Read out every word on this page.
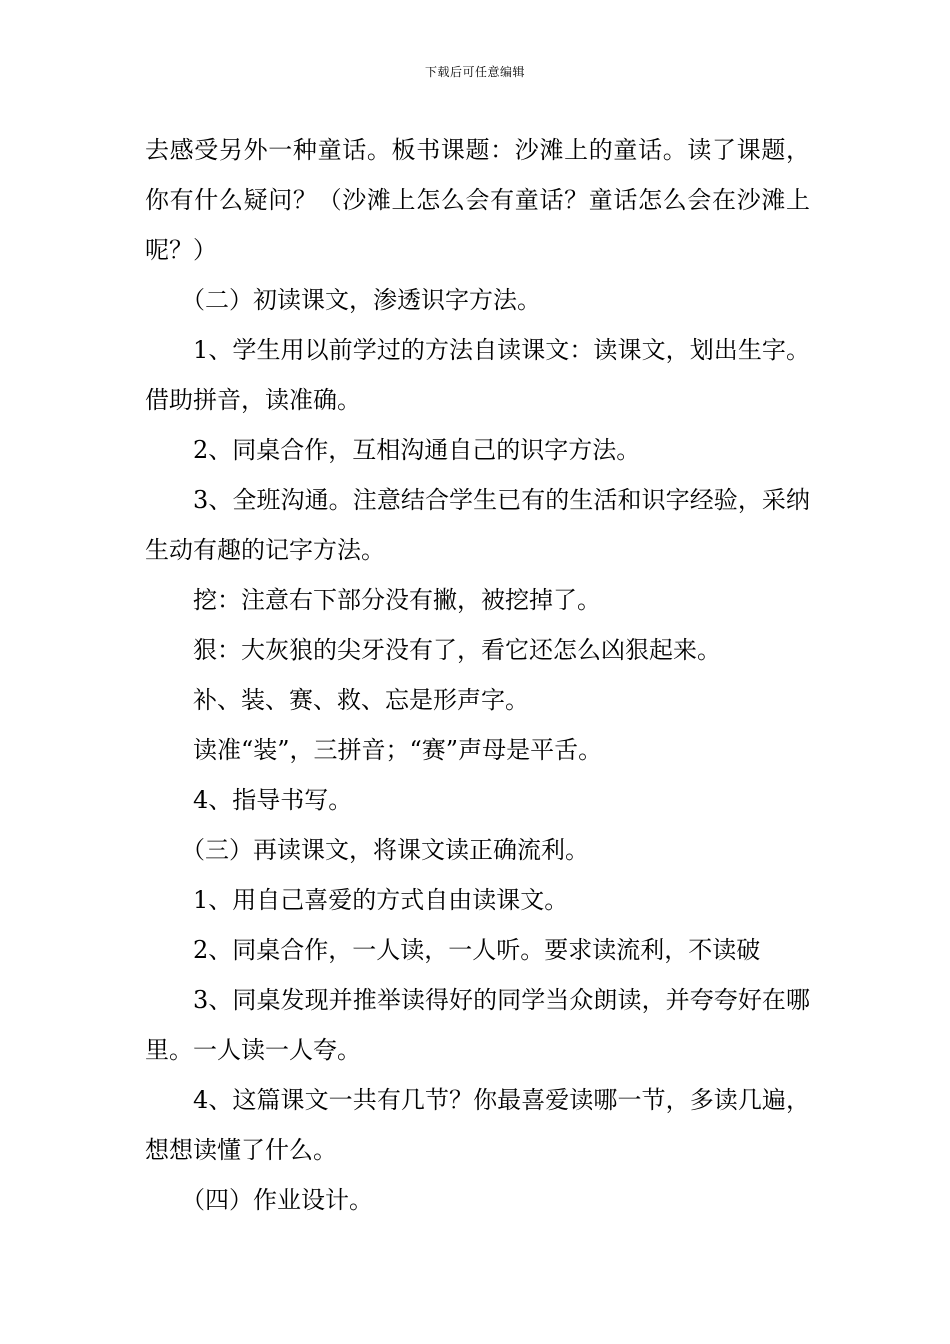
下载后可任意编辑

去感受另外一种童话。板书课题：沙滩上的童话。读了课题，你有什么疑问？（沙滩上怎么会有童话？童话怎么会在沙滩上呢？）

（二）初读课文，渗透识字方法。

1、学生用以前学过的方法自读课文：读课文，划出生字。借助拼音，读准确。

2、同桌合作，互相沟通自己的识字方法。

3、全班沟通。注意结合学生已有的生活和识字经验，采纳生动有趣的记字方法。

挖：注意右下部分没有撇，被挖掉了。

狠：大灰狼的尖牙没有了，看它还怎么凶狠起来。

补、装、赛、救、忘是形声字。

读准“装”，三拼音；“赛”声母是平舌。

4、指导书写。

（三）再读课文，将课文读正确流利。

1、用自己喜爱的方式自由读课文。

2、同桌合作，一人读，一人听。要求读流利，不读破

3、同桌发现并推举读得好的同学当众朗读，并夸夸好在哪里。一人读一人夸。

4、这篇课文一共有几节？你最喜爱读哪一节，多读几遍，想想读懂了什么。

（四）作业设计。
